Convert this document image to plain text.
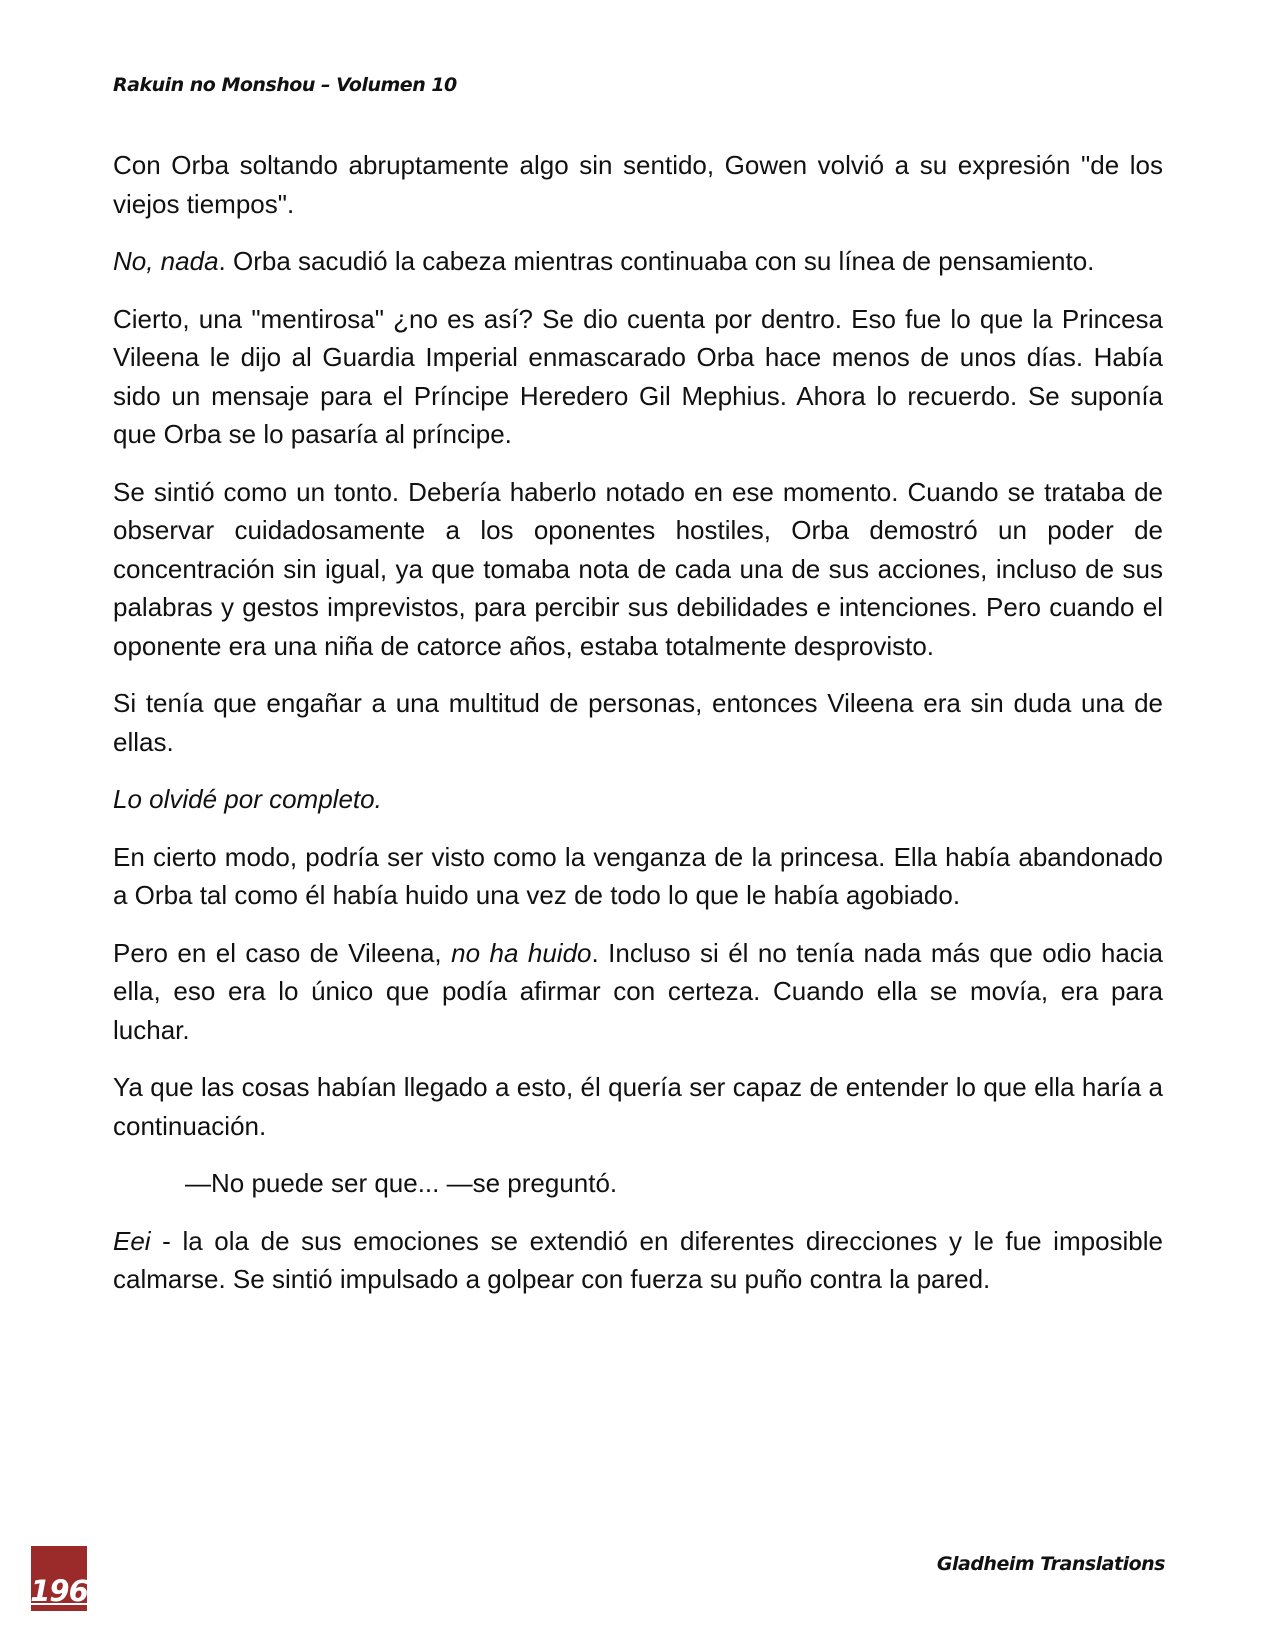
Rakuin no Monshou – Volumen 10

Con Orba soltando abruptamente algo sin sentido, Gowen volvió a su expresión "de los viejos tiempos".

No, nada. Orba sacudió la cabeza mientras continuaba con su línea de pensamiento.

Cierto, una "mentirosa" ¿no es así? Se dio cuenta por dentro. Eso fue lo que la Princesa Vileena le dijo al Guardia Imperial enmascarado Orba hace menos de unos días. Había sido un mensaje para el Príncipe Heredero Gil Mephius. Ahora lo recuerdo. Se suponía que Orba se lo pasaría al príncipe.

Se sintió como un tonto. Debería haberlo notado en ese momento. Cuando se trataba de observar cuidadosamente a los oponentes hostiles, Orba demostró un poder de concentración sin igual, ya que tomaba nota de cada una de sus acciones, incluso de sus palabras y gestos imprevistos, para percibir sus debilidades e intenciones. Pero cuando el oponente era una niña de catorce años, estaba totalmente desprovisto.

Si tenía que engañar a una multitud de personas, entonces Vileena era sin duda una de ellas.

Lo olvidé por completo.

En cierto modo, podría ser visto como la venganza de la princesa. Ella había abandonado a Orba tal como él había huido una vez de todo lo que le había agobiado.

Pero en el caso de Vileena, no ha huido. Incluso si él no tenía nada más que odio hacia ella, eso era lo único que podía afirmar con certeza. Cuando ella se movía, era para luchar.

Ya que las cosas habían llegado a esto, él quería ser capaz de entender lo que ella haría a continuación.

—No puede ser que... —se preguntó.

Eei - la ola de sus emociones se extendió en diferentes direcciones y le fue imposible calmarse. Se sintió impulsado a golpear con fuerza su puño contra la pared.

196
Gladheim Translations
